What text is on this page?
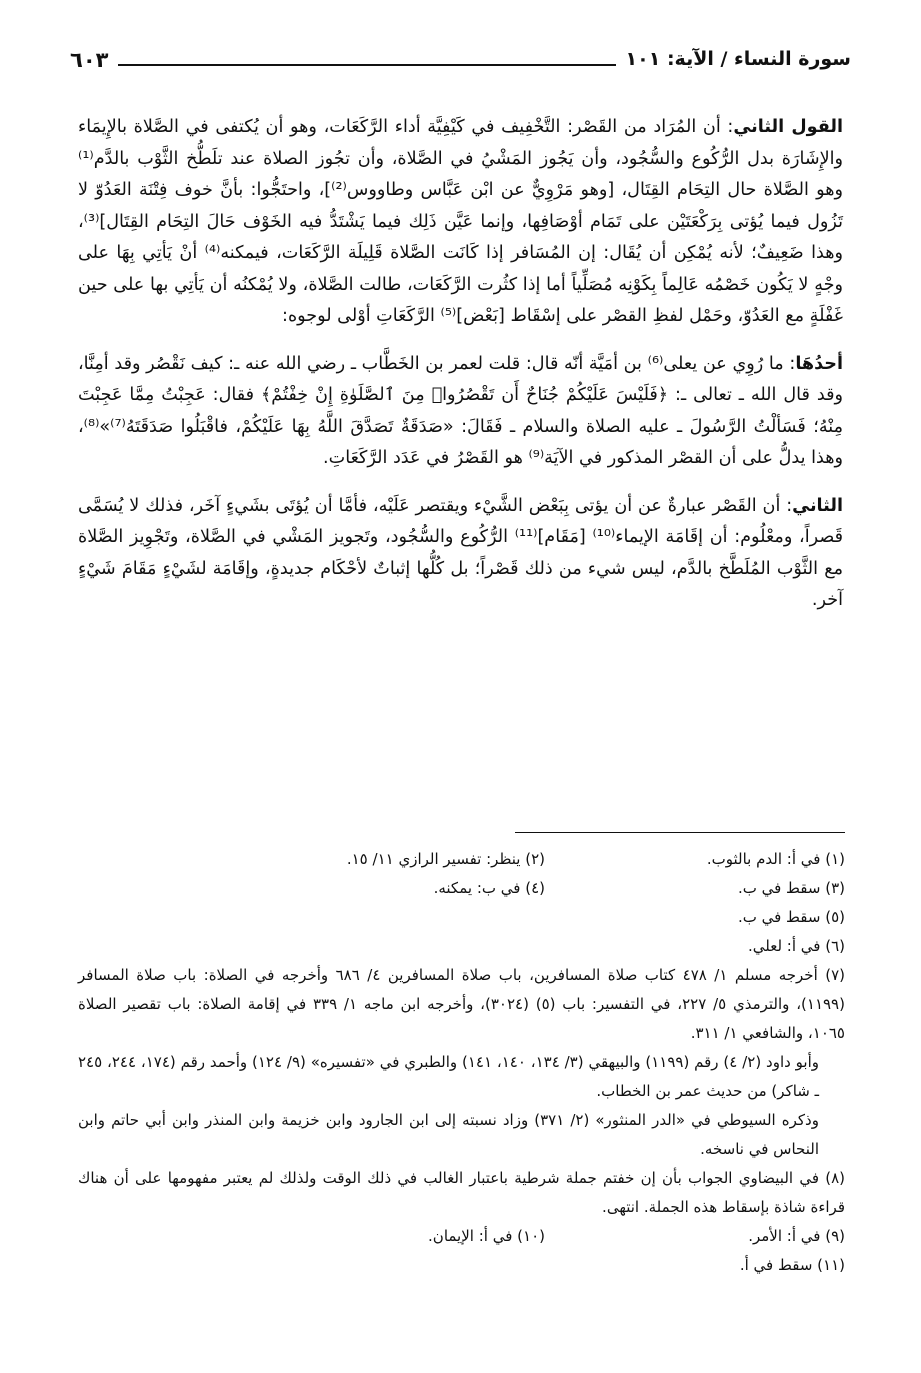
سورة النساء / الآية: ١٠١
٦٠٣

القول الثاني: أن المُرَاد من القَصْر: التَّخْفِيف في كَيْفِيَّة أداء الرَّكَعَات، وهو أن يُكتفى في الصَّلاة بالإِيمَاء والإِشَارَة بدل الرُّكُوع والسُّجُود، وأن يَجُوز المَشْيُ في الصَّلاة، وأن تجُوز الصلاة عند تلَطُّخ الثَّوْب بالدَّم⁽¹⁾ وهو الصَّلاة حال التِحَام القِتَال، [وهو مَرْوِيٌّ عن ابْن عَبَّاس وطاووس⁽²⁾]، واحتَجُّوا: بأنَّ خوف فِتْنَة العَدُوّ لا تَزُول فيما يُؤتى بِرَكْعَتَيْن على تَمَام أوْصَافِها، وإنما عَيَّن ذَلِك فيما يَشْتَدُّ فيه الخَوْف حَالَ التِحَام القِتَال]⁽³⁾، وهذا ضَعِيفٌ؛ لأنه يُمْكِن أن يُقَال: إن المُسَافر إذا كَانَت الصَّلاة قَلِيلَة الرَّكَعَات، فيمكنه⁽⁴⁾ أنْ يَأتِي بِهَا على وجْهٍ لا يَكُون خَصْمُه عَالِماً بِكَوْنِه مُصَلِّياً أما إذا كثُرت الرَّكَعَات، طالت الصَّلاة، ولا يُمْكنُه أن يَأتِي بها على حين غَفْلَةٍ مع العَدُوّ، وحَمْل لفظِ القصْر على إسْقَاط [بَعْض]⁽⁵⁾ الرَّكَعَاتِ أوْلى لوجوه:

أحدُهَا: ما رُوِي عن يعلى⁽⁶⁾ بن أمَيَّة أنّه قال: قلت لعمر بن الخَطَّاب ـ رضي الله عنه ـ: كيف نَقْصُر وقد أمِنَّا، وقد قال الله ـ تعالى ـ: ﴿فَلَيْسَ عَلَيْكُمْ جُنَاحٌ أَن تَقْصُرُوا۟ مِنَ ٱلصَّلَوٰةِ إِنْ خِفْتُمْ﴾ فقال: عَجِبْتُ مِمَّا عَجِبْتَ مِنْهُ؛ فَسَألْتُ الرَّسُولَ ـ عليه الصلاة والسلام ـ فَقَالَ: «صَدَقَةٌ تَصَدَّقَ اللَّهُ بِهَا عَلَيْكُمْ، فاقْبَلُوا صَدَقَتَهُ⁽⁷⁾»⁽⁸⁾، وهذا يدلُّ على أن القصْر المذكور في الآيَة⁽⁹⁾ هو القَصْرُ في عَدَد الرَّكَعَاتِ.

الثاني: أن القَصْر عبارةٌ عن أن يؤتى بِبَعْض الشَّيْء ويقتصر عَلَيْه، فأمَّا أن يُؤتَى بشَيءٍ آخَر، فذلك لا يُسَمَّى قَصراً، ومعْلُوم: أن إقَامَة الإيماء⁽¹⁰⁾ [مَقَام]⁽¹¹⁾ الرُّكُوع والسُّجُود، وتَجويز المَشْي في الصَّلاة، وتَجْوِيز الصَّلاة مع الثَّوْب المُلَطَّخ بالدَّم، ليس شيء من ذلك قَصْراً؛ بل كُلُّها إثباتٌ لأحْكَام جديدةٍ، وإقَامَة لشَيْءٍ مَقَامَ شَيْءٍ آخر.

(١) في أ: الدم بالثوب.
(٢) ينظر: تفسير الرازي ١١/ ١٥.
(٣) سقط في ب.
(٤) في ب: يمكنه.
(٥) سقط في ب.
(٦) في أ: لعلي.
(٧) أخرجه مسلم ١/ ٤٧٨ كتاب صلاة المسافرين، باب صلاة المسافرين ٤/ ٦٨٦ وأخرجه في الصلاة: باب صلاة المسافر (١١٩٩)، والترمذي ٥/ ٢٢٧، في التفسير: باب (٥) (٣٠٢٤)، وأخرجه ابن ماجه ١/ ٣٣٩ في إقامة الصلاة: باب تقصير الصلاة ١٠٦٥، والشافعي ١/ ٣١١.
وأبو داود (٢/ ٤) رقم (١١٩٩) والبيهقي (٣/ ١٣٤، ١٤٠، ١٤١) والطبري في «تفسيره» (٩/ ١٢٤) وأحمد رقم (١٧٤، ٢٤٤، ٢٤٥ ـ شاكر) من حديث عمر بن الخطاب.
وذكره السيوطي في «الدر المنثور» (٢/ ٣٧١) وزاد نسبته إلى ابن الجارود وابن خزيمة وابن المنذر وابن أبي حاتم وابن النحاس في ناسخه.
(٨) في البيضاوي الجواب بأن إن خفتم جملة شرطية باعتبار الغالب في ذلك الوقت ولذلك لم يعتبر مفهومها على أن هناك قراءة شاذة بإسقاط هذه الجملة. انتهى.
(٩) في أ: الأمر.
(١٠) في أ: الإيمان.
(١١) سقط في أ.
